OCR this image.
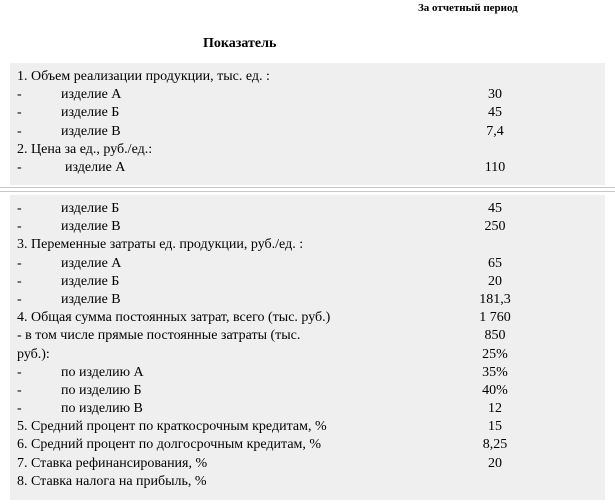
За отчетный период
Показатель
1. Объем реализации продукции, тыс. ед. :
-	изделие А	30
-	изделие Б	45
-	изделие В	7,4
2. Цена за ед., руб./ед.:
-	изделие А	110
-	изделие Б	45
-	изделие В	250
3. Переменные затраты ед. продукции, руб./ед. :
-	изделие А	65
-	изделие Б	20
-	изделие В	181,3
4. Общая сумма постоянных затрат, всего (тыс. руб.)	1 760
- в том числе прямые постоянные затраты (тыс.	850
руб.):	25%
-	по изделию А	35%
-	по изделию Б	40%
-	по изделию В	12
5. Средний процент по краткосрочным кредитам, %	15
6. Средний процент по долгосрочным кредитам, %	8,25
7. Ставка рефинансирования, %	20
8. Ставка налога на прибыль, %
